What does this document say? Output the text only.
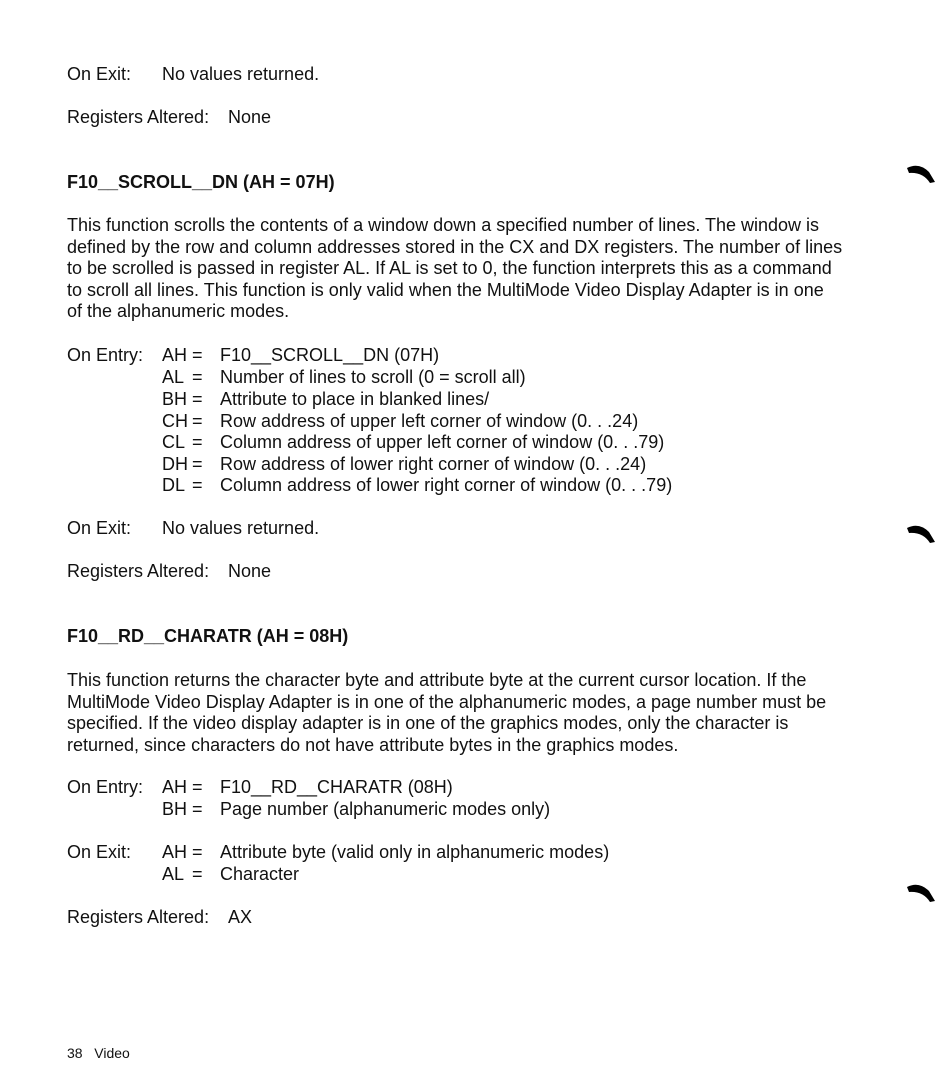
On Exit: No values returned.
Registers Altered: None
F10__SCROLL__DN (AH = 07H)
This function scrolls the contents of a window down a specified number of lines. The window is
defined by the row and column addresses stored in the CX and DX registers. The number of lines
to be scrolled is passed in register AL. If AL is set to 0, the function interprets this as a command
to scroll all lines. This function is only valid when the MultiMode Video Display Adapter is in one
of the alphanumeric modes.
On Entry: AH = F10__SCROLL__DN (07H)
AL = Number of lines to scroll (0 = scroll all)
BH = Attribute to place in blanked lines/
CH = Row address of upper left corner of window (0. . .24)
CL = Column address of upper left corner of window (0. . .79)
DH = Row address of lower right corner of window (0. . .24)
DL = Column address of lower right corner of window (0. . .79)
On Exit: No values returned.
Registers Altered: None
F10__RD__CHARATR (AH = 08H)
This function returns the character byte and attribute byte at the current cursor location. If the
MultiMode Video Display Adapter is in one of the alphanumeric modes, a page number must be
specified. If the video display adapter is in one of the graphics modes, only the character is
returned, since characters do not have attribute bytes in the graphics modes.
On Entry: AH = F10__RD__CHARATR (08H)
BH = Page number (alphanumeric modes only)
On Exit: AH = Attribute byte (valid only in alphanumeric modes)
AL = Character
Registers Altered: AX
38 Video
